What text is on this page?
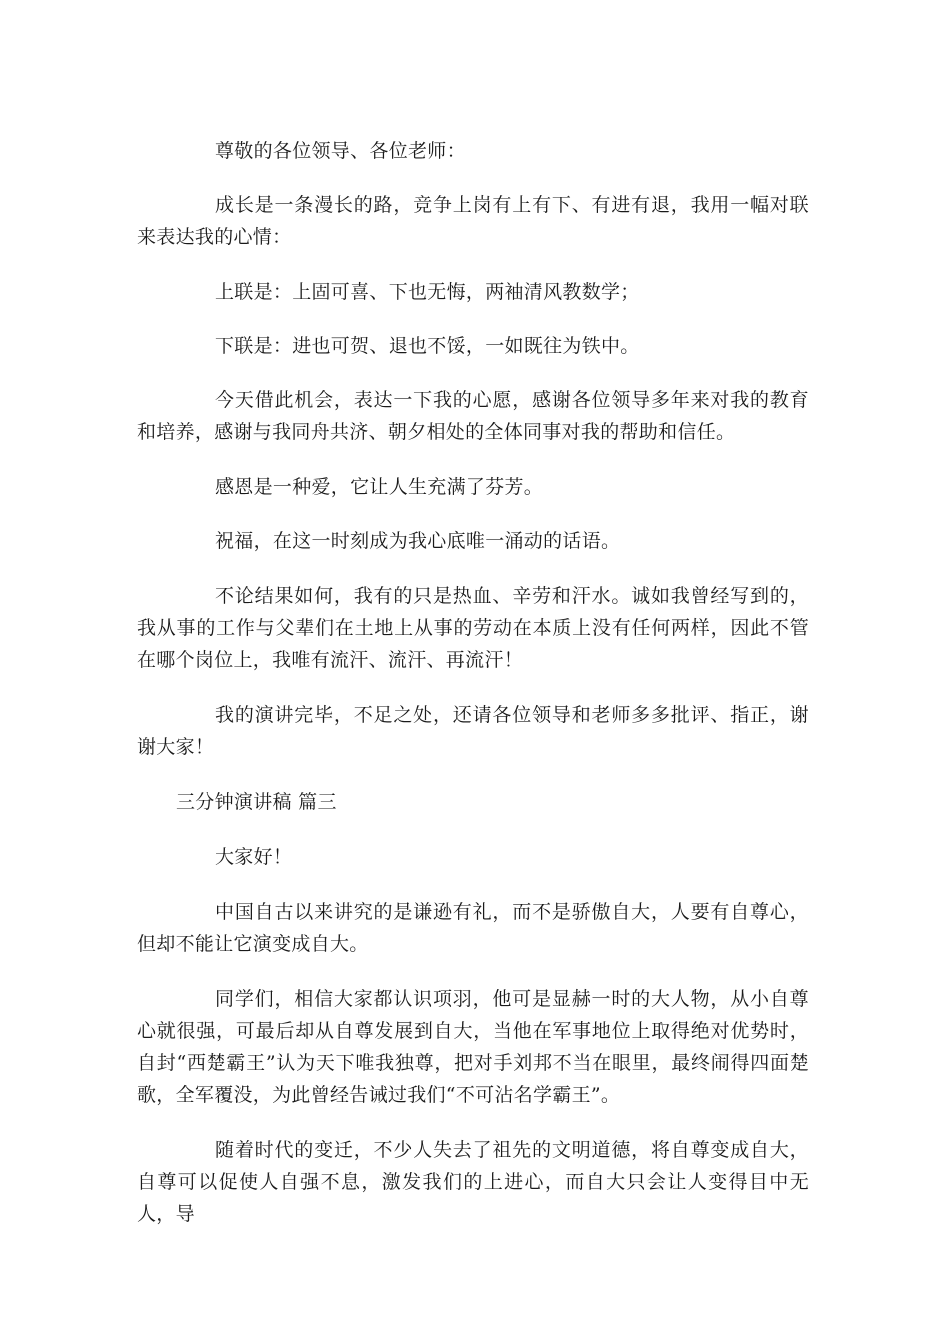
尊敬的各位领导、各位老师：

成长是一条漫长的路，竞争上岗有上有下、有进有退，我用一幅对联来表达我的心情：

上联是：上固可喜、下也无悔，两袖清风教数学；

下联是：进也可贺、退也不馁，一如既往为铁中。

今天借此机会，表达一下我的心愿，感谢各位领导多年来对我的教育和培养，感谢与我同舟共济、朝夕相处的全体同事对我的帮助和信任。

感恩是一种爱，它让人生充满了芬芳。

祝福，在这一时刻成为我心底唯一涌动的话语。

不论结果如何，我有的只是热血、辛劳和汗水。诚如我曾经写到的，我从事的工作与父辈们在土地上从事的劳动在本质上没有任何两样，因此不管在哪个岗位上，我唯有流汗、流汗、再流汗！

我的演讲完毕，不足之处，还请各位领导和老师多多批评、指正，谢谢大家！

三分钟演讲稿 篇三

大家好！

中国自古以来讲究的是谦逊有礼，而不是骄傲自大，人要有自尊心，但却不能让它演变成自大。

同学们，相信大家都认识项羽，他可是显赫一时的大人物，从小自尊心就很强，可最后却从自尊发展到自大，当他在军事地位上取得绝对优势时，自封“西楚霸王”认为天下唯我独尊，把对手刘邦不当在眼里，最终闹得四面楚歌，全军覆没，为此曾经告诫过我们“不可沾名学霸王”。

随着时代的变迁，不少人失去了祖先的文明道德，将自尊变成自大，自尊可以促使人自强不息，激发我们的上进心，而自大只会让人变得目中无人，导
